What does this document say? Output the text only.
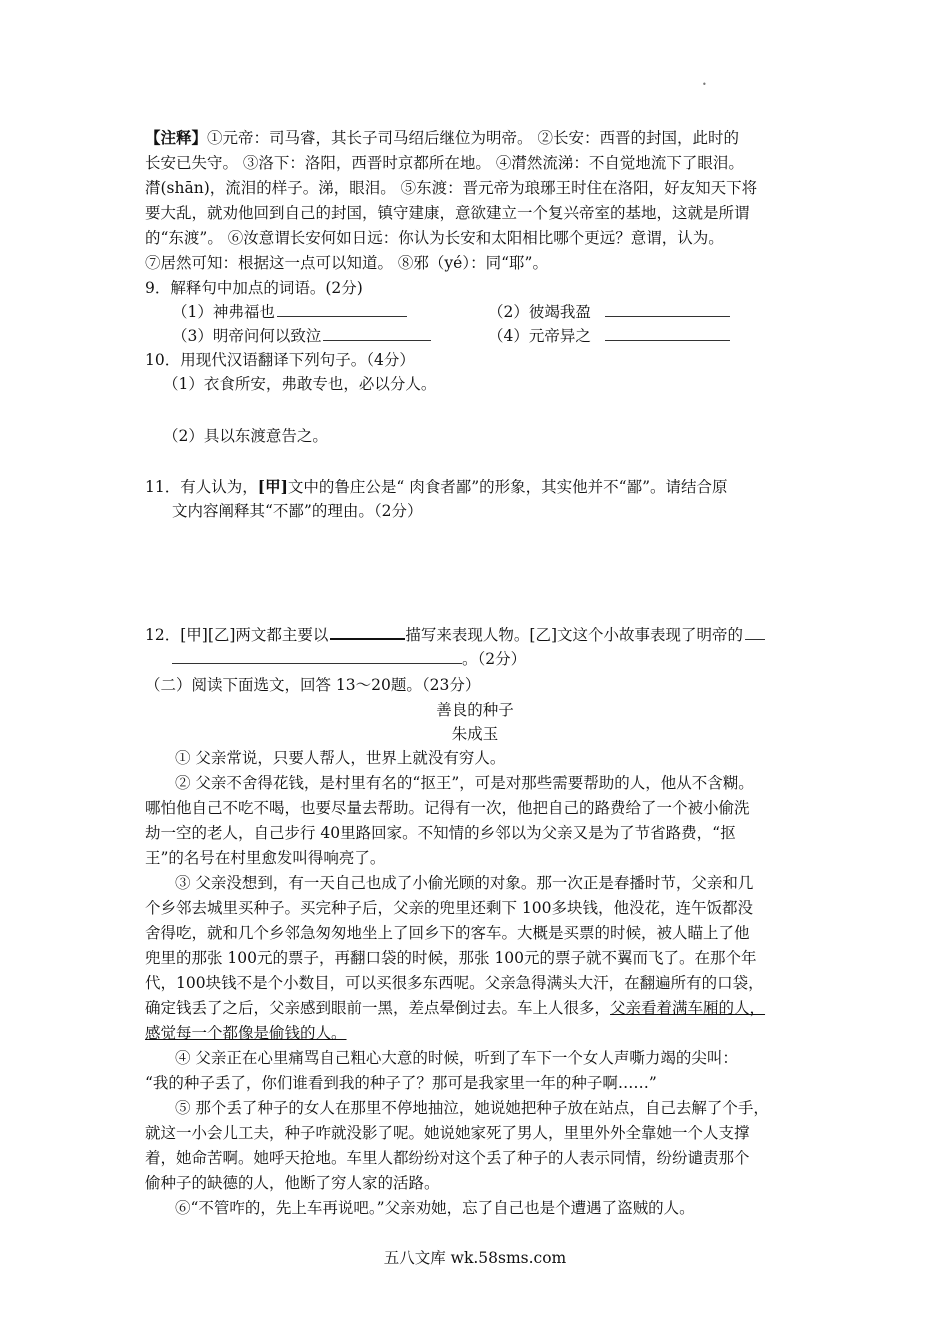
•
【注释】①元帝：司马睿，其长子司马绍后继位为明帝。 ②长安：西晋的封国，此时的
长安已失守。 ③洛下：洛阳，西晋时京都所在地。 ④潸然流涕：不自觉地流下了眼泪。
潸(shān)，流泪的样子。涕，眼泪。 ⑤东渡：晋元帝为琅琊王时住在洛阳，好友知天下将
要大乱，就劝他回到自己的封国，镇守建康，意欲建立一个复兴帝室的基地，这就是所谓
的“东渡”。 ⑥汝意谓长安何如日远：你认为长安和太阳相比哪个更远？意谓，认为。
⑦居然可知：根据这一点可以知道。 ⑧邪（yé）：同“耶”。
9．解释句中加点的词语。(2分)
（1）神弗福也	（2）彼竭我盈
（3）明帝问何以致泣	（4）元帝异之
10．用现代汉语翻译下列句子。（4分）
（1）衣食所安，弗敢专也，必以分人。
（2）具以东渡意告之。
11．有人认为，[甲]文中的鲁庄公是“ 肉食者鄙”的形象，其实他并不“鄙”。请结合原
文内容阐释其“不鄙”的理由。（2分）
12．[甲][乙]两文都主要以	描写来表现人物。[乙]文这个小故事表现了明帝的
。（2分）
（二）阅读下面选文，回答 13～20题。（23分）
善良的种子
朱成玉
① 父亲常说，只要人帮人，世界上就没有穷人。
② 父亲不舍得花钱，是村里有名的“抠王”，可是对那些需要帮助的人，他从不含糊。
哪怕他自己不吃不喝，也要尽量去帮助。记得有一次，他把自己的路费给了一个被小偷洗
劫一空的老人，自己步行 40里路回家。不知情的乡邻以为父亲又是为了节省路费，“抠
王”的名号在村里愈发叫得响亮了。
③ 父亲没想到，有一天自己也成了小偷光顾的对象。那一次正是春播时节，父亲和几
个乡邻去城里买种子。买完种子后，父亲的兜里还剩下 100多块钱，他没花，连午饭都没
舍得吃，就和几个乡邻急匆匆地坐上了回乡下的客车。大概是买票的时候，被人瞄上了他
兜里的那张 100元的票子，再翻口袋的时候，那张 100元的票子就不翼而飞了。在那个年
代，100块钱不是个小数目，可以买很多东西呢。父亲急得满头大汗，在翻遍所有的口袋，
确定钱丢了之后，父亲感到眼前一黑，差点晕倒过去。车上人很多，父亲看着满车厢的人，
感觉每一个都像是偷钱的人。
④ 父亲正在心里痛骂自己粗心大意的时候，听到了车下一个女人声嘶力竭的尖叫：
“我的种子丢了，你们谁看到我的种子了？那可是我家里一年的种子啊……”
⑤ 那个丢了种子的女人在那里不停地抽泣，她说她把种子放在站点，自己去解了个手，
就这一小会儿工夫，种子咋就没影了呢。她说她家死了男人，里里外外全靠她一个人支撑
着，她命苦啊。她呼天抢地。车里人都纷纷对这个丢了种子的人表示同情，纷纷谴责那个
偷种子的缺德的人，他断了穷人家的活路。
⑥“不管咋的，先上车再说吧。”父亲劝她，忘了自己也是个遭遇了盗贼的人。
五八文库 wk.58sms.com
